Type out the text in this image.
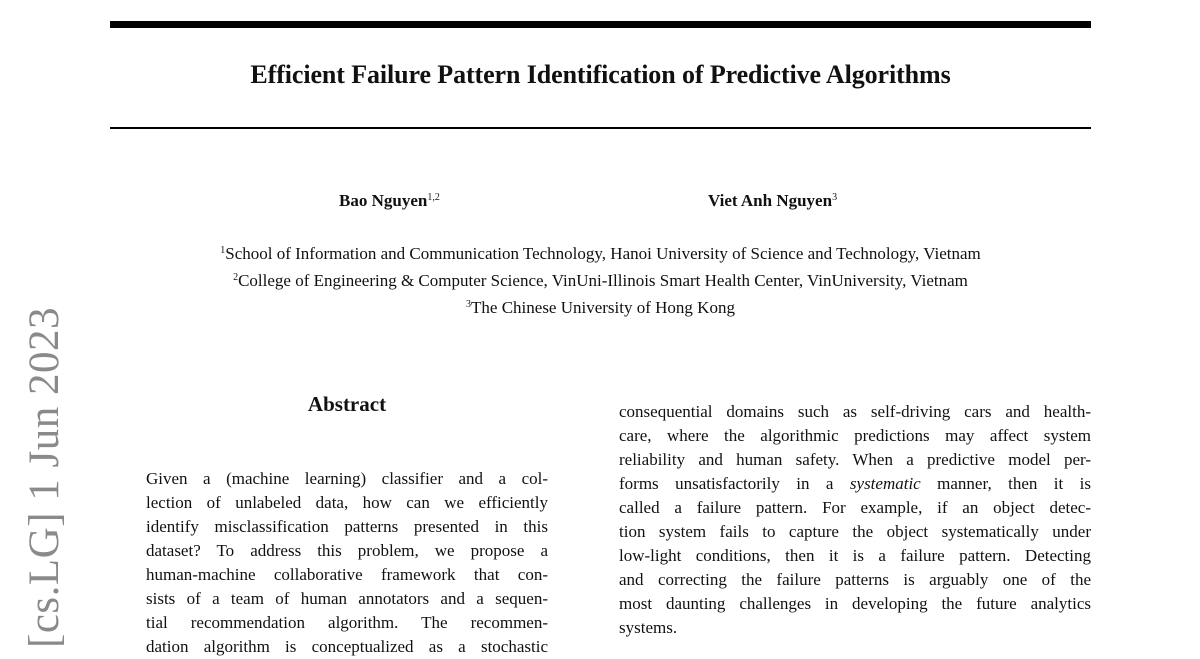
Efficient Failure Pattern Identification of Predictive Algorithms
Bao Nguyen$^{1,2}$	Viet Anh Nguyen$^3$
$^1$School of Information and Communication Technology, Hanoi University of Science and Technology, Vietnam
$^2$College of Engineering & Computer Science, VinUni-Illinois Smart Health Center, VinUniversity, Vietnam
$^3$The Chinese University of Hong Kong
[cs.LG] 1 Jun 2023	Abstract
Given a (machine learning) classifier and a col-
lection of unlabeled data, how can we efficiently
identify misclassification patterns presented in this
dataset? To address this problem, we propose a
human-machine collaborative framework that con-
sists of a team of human annotators and a sequen-
tial recommendation algorithm. The recommen-
dation algorithm is conceptualized as a stochastic
consequential domains such as self-driving cars and health-
care, where the algorithmic predictions may affect system
reliability and human safety. When a predictive model per-
forms unsatisfactorily in a systematic manner, then it is
called a failure pattern. For example, if an object detec-
tion system fails to capture the object systematically under
low-light conditions, then it is a failure pattern. Detecting
and correcting the failure patterns is arguably one of the
most daunting challenges in developing the future analytics
systems.
